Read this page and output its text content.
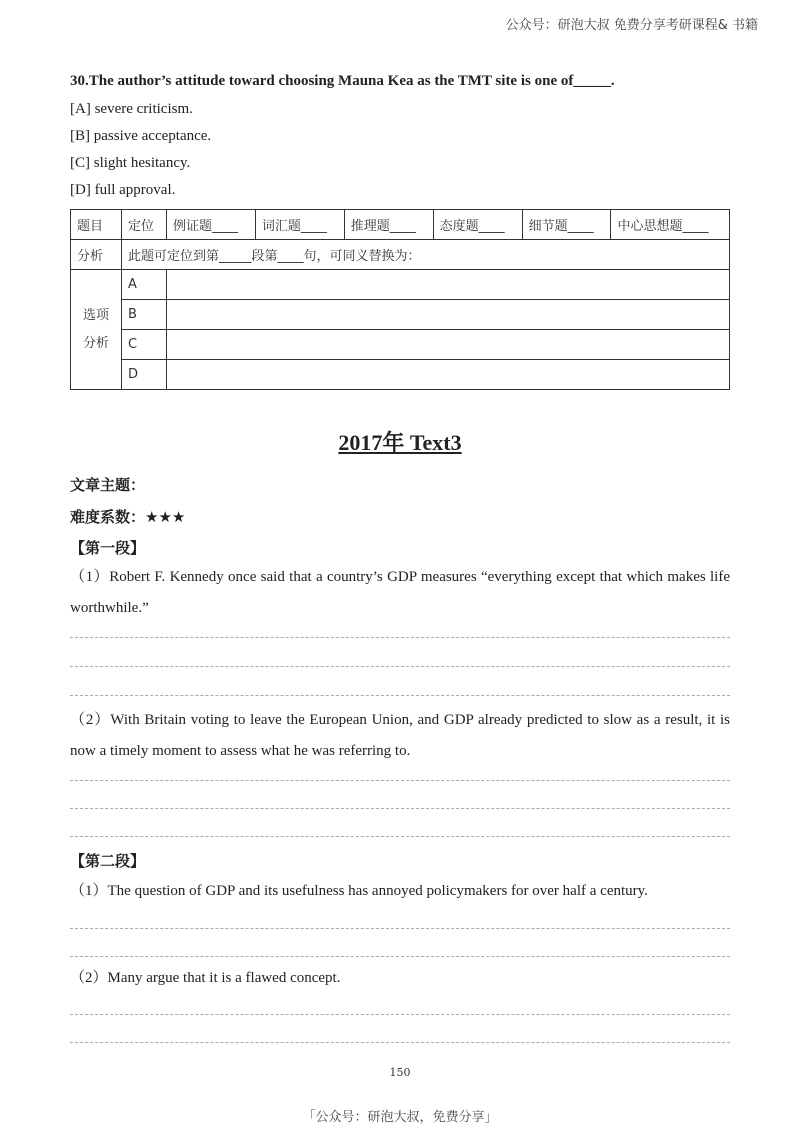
公众号：研泡大叔 免费分享考研课程& 书籍
30.The author’s attitude toward choosing Mauna Kea as the TMT site is one of_____.
[A] severe criticism.
[B] passive acceptance.
[C] slight hesitancy.
[D] full approval.
题目	定位	例证题____	词汇题____	推理题____	态度题____	细节题____	中心思想题____
分析	此题可定位到第_____段第____句，可同义替换为：						

选项
分析	A						
	B						
	C						
	D						
2017年 Text3
文章主题：
难度系数：★★★
【第一段】
（1）Robert F. Kennedy once said that a country’s GDP measures “everything except that which makes life worthwhile.”
（2）With Britain voting to leave the European Union, and GDP already predicted to slow as a result, it is now a timely moment to assess what he was referring to.
【第二段】
（1）The question of GDP and its usefulness has annoyed policymakers for over half a century.
（2）Many argue that it is a flawed concept.
150
「公众号：研泡大叔，免费分享」
